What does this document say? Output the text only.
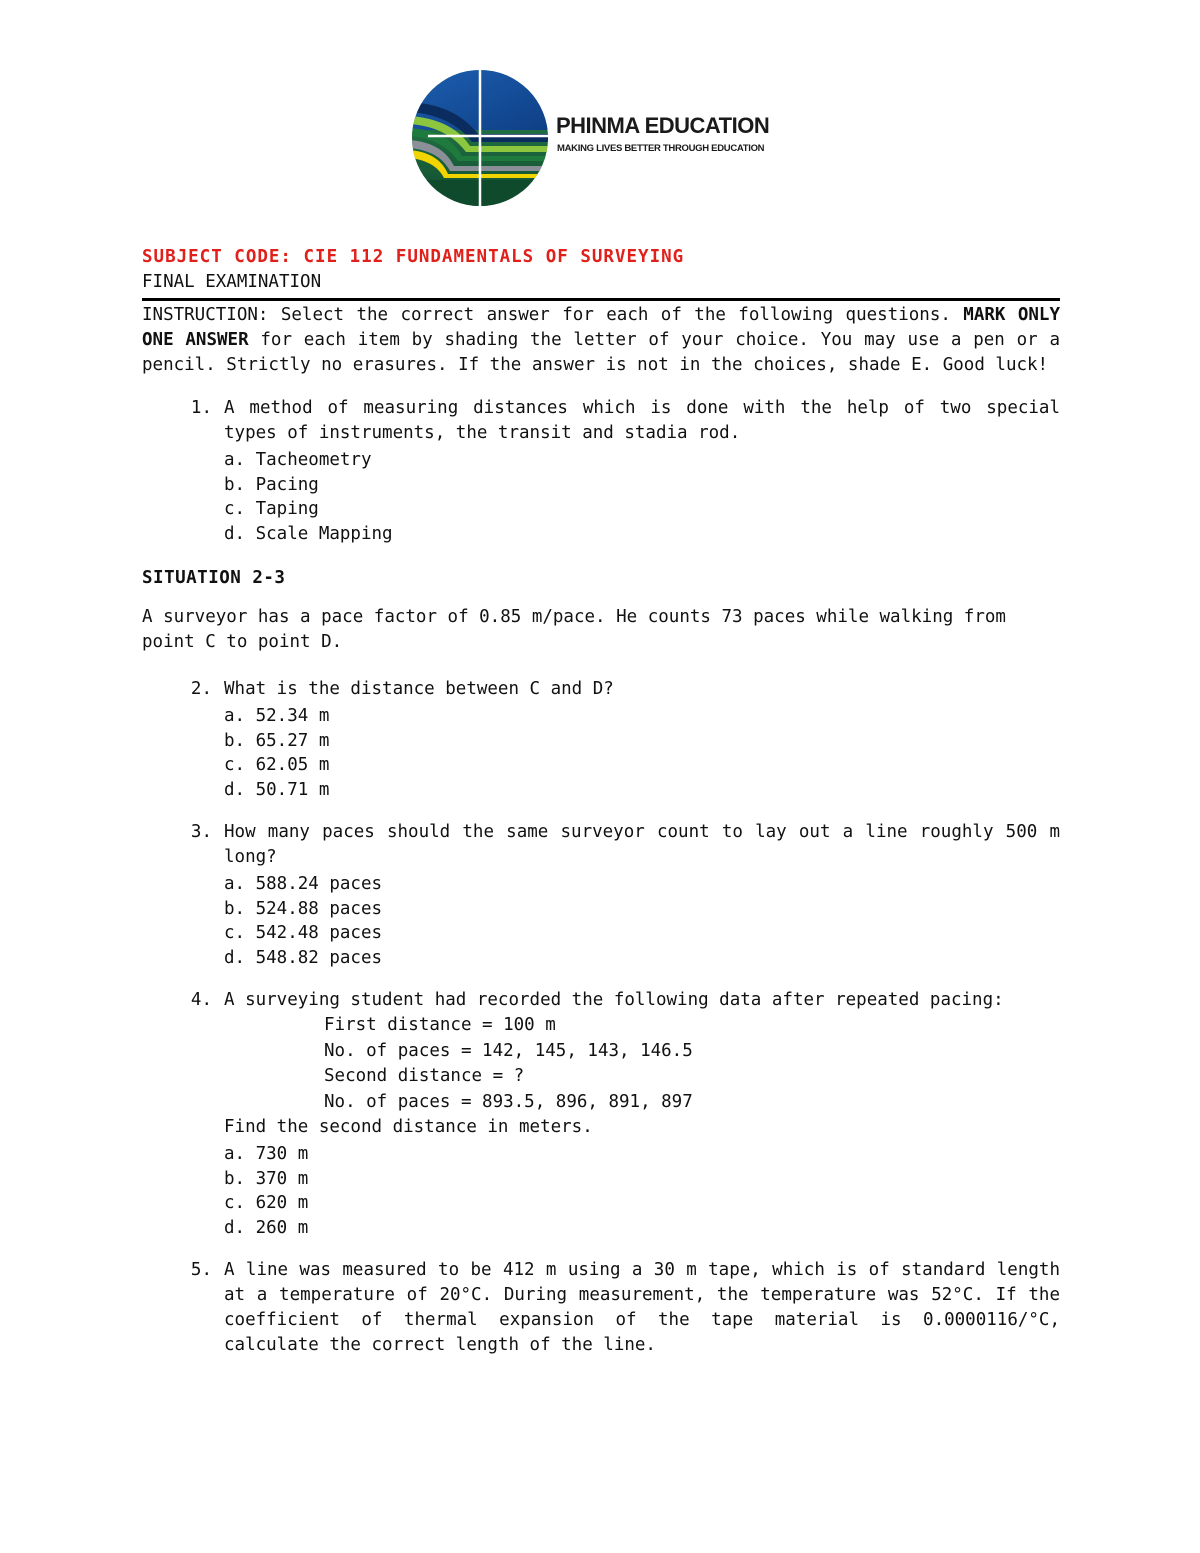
PHINMA EDUCATION
MAKING LIVES BETTER THROUGH EDUCATION
SUBJECT CODE: CIE 112 FUNDAMENTALS OF SURVEYING
FINAL EXAMINATION
INSTRUCTION: Select the correct answer for each of the following questions. MARK ONLY ONE ANSWER for each item by shading the letter of your choice. You may use a pen or a pencil. Strictly no erasures. If the answer is not in the choices, shade E. Good luck!
1. A method of measuring distances which is done with the help of two special types of instruments, the transit and stadia rod.
a. Tacheometry
b. Pacing
c. Taping
d. Scale Mapping
SITUATION 2-3
A surveyor has a pace factor of 0.85 m/pace. He counts 73 paces while walking from point C to point D.
2. What is the distance between C and D?
a. 52.34 m
b. 65.27 m
c. 62.05 m
d. 50.71 m
3. How many paces should the same surveyor count to lay out a line roughly 500 m long?
a. 588.24 paces
b. 524.88 paces
c. 542.48 paces
d. 548.82 paces
4. A surveying student had recorded the following data after repeated pacing:
First distance = 100 m
No. of paces = 142, 145, 143, 146.5
Second distance = ?
No. of paces = 893.5, 896, 891, 897
Find the second distance in meters.
a. 730 m
b. 370 m
c. 620 m
d. 260 m
5. A line was measured to be 412 m using a 30 m tape, which is of standard length at a temperature of 20°C. During measurement, the temperature was 52°C. If the coefficient of thermal expansion of the tape material is 0.0000116/°C, calculate the correct length of the line.
